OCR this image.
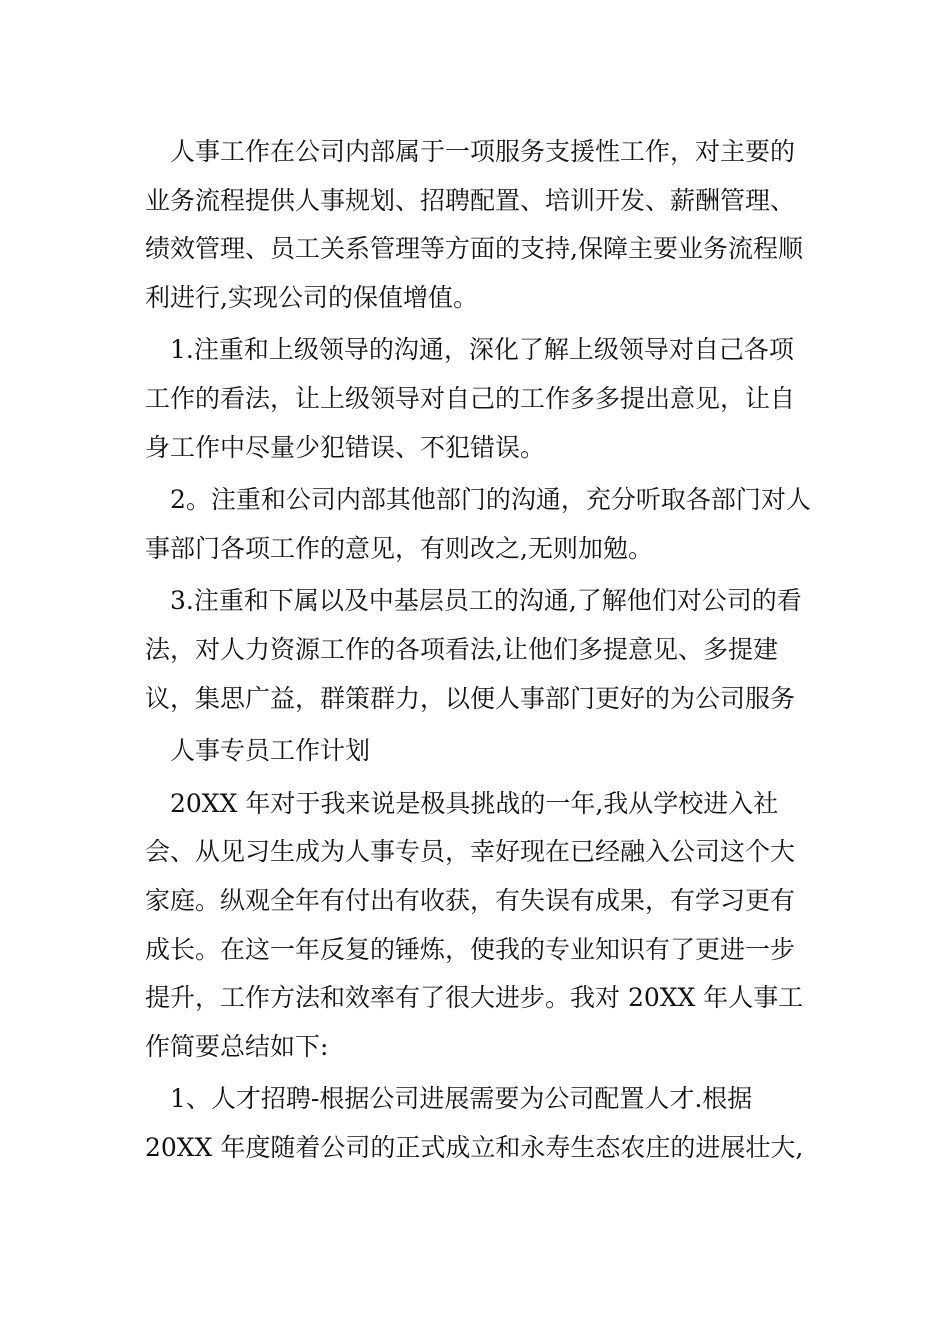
人事工作在公司内部属于一项服务支援性工作，对主要的业务流程提供人事规划、招聘配置、培训开发、薪酬管理、绩效管理、员工关系管理等方面的支持,保障主要业务流程顺利进行,实现公司的保值增值。

1.注重和上级领导的沟通，深化了解上级领导对自己各项工作的看法，让上级领导对自己的工作多多提出意见，让自身工作中尽量少犯错误、不犯错误。

2。注重和公司内部其他部门的沟通，充分听取各部门对人事部门各项工作的意见，有则改之,无则加勉。

3.注重和下属以及中基层员工的沟通,了解他们对公司的看法，对人力资源工作的各项看法,让他们多提意见、多提建议，集思广益，群策群力，以便人事部门更好的为公司服务

人事专员工作计划

20XX 年对于我来说是极具挑战的一年,我从学校进入社会、从见习生成为人事专员，幸好现在已经融入公司这个大家庭。纵观全年有付出有收获，有失误有成果，有学习更有成长。在这一年反复的锤炼，使我的专业知识有了更进一步提升，工作方法和效率有了很大进步。我对 20XX 年人事工作简要总结如下:

1、人才招聘-根据公司进展需要为公司配置人才.根据 20XX 年度随着公司的正式成立和永寿生态农庄的进展壮大,
